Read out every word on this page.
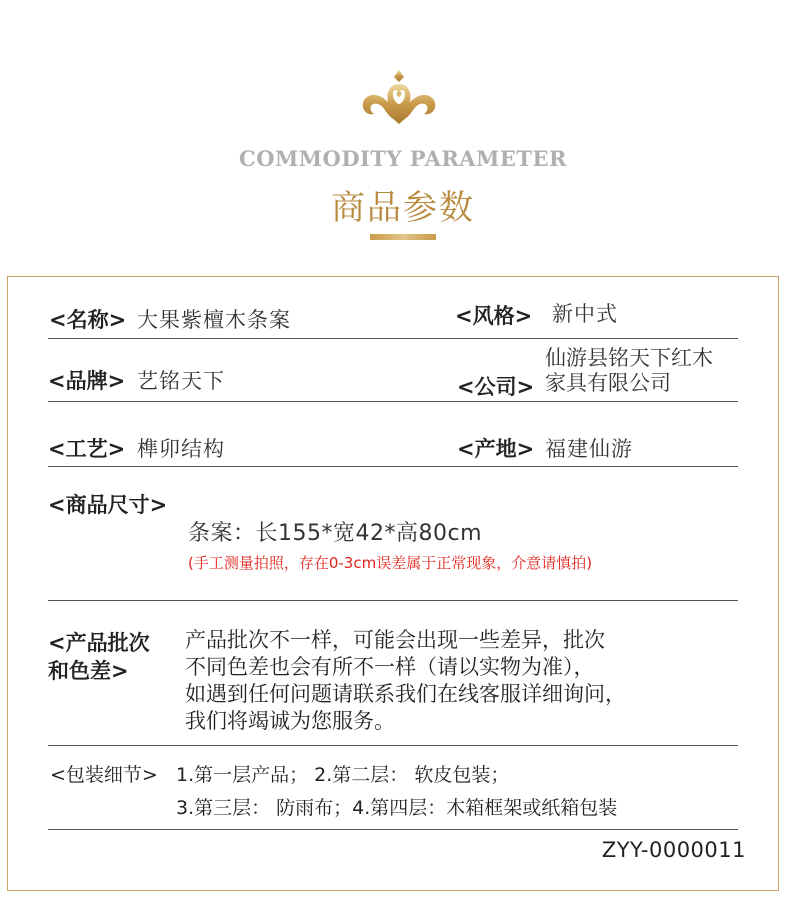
COMMODITY PARAMETER
商品参数
<名称> 大果紫檀木条案	<风格> 新中式
<品牌> 艺铭天下	<公司>
仙游县铭天下红木
家具有限公司
<工艺> 榫卯结构	<产地> 福建仙游
<商品尺寸>
条案：长155*宽42*高80cm
(手工测量拍照，存在0-3cm误差属于正常现象，介意请慎拍)
<产品批次
和色差>
产品批次不一样，可能会出现一些差异，批次
不同色差也会有所不一样（请以实物为准），
如遇到任何问题请联系我们在线客服详细询问，
我们将竭诚为您服务。
<包装细节> 1.第一层产品； 2.第二层： 软皮包装；
3.第三层： 防雨布；4.第四层：木箱框架或纸箱包装
ZYY-0000011
